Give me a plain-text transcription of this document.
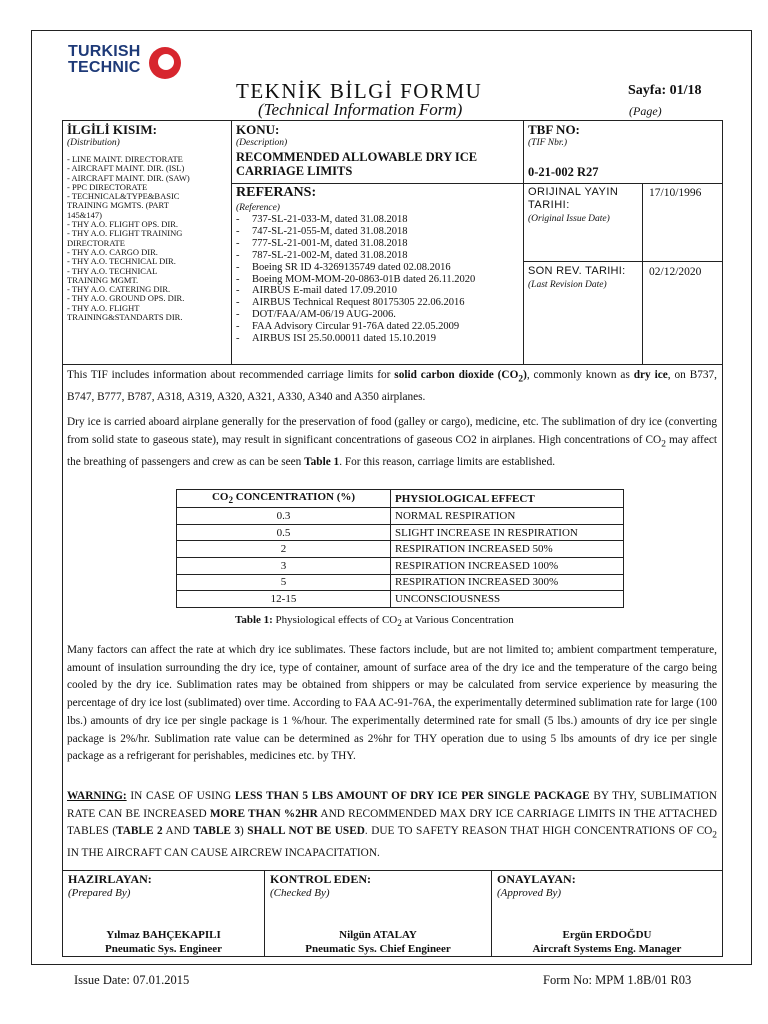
TURKISH
TECHNIC
TEKNİK BİLGİ FORMU
(Technical Information Form)
Sayfa: 01/18
(Page)
İLGİLİ KISIM:
(Distribution)
- LINE MAINT. DIRECTORATE
- AIRCRAFT MAINT. DIR. (ISL)
- AIRCRAFT MAINT. DIR. (SAW)
- PPC DIRECTORATE
- TECHNICAL&TYPE&BASIC
TRAINING MGMTS. (PART
145&147)
- THY A.O. FLIGHT OPS. DIR.
- THY A.O. FLIGHT TRAINING
DIRECTORATE
- THY A.O. CARGO DIR.
- THY A.O. TECHNICAL DIR.
- THY A.O. TECHNICAL
TRAINING MGMT.
- THY A.O. CATERING DIR.
- THY A.O. GROUND OPS. DIR.
- THY A.O. FLIGHT
TRAINING&STANDARTS DIR.
KONU:
(Description)
RECOMMENDED ALLOWABLE DRY ICE
CARRIAGE LIMITS
TBF NO:
(TIF Nbr.)
0-21-002 R27
REFERANS:
(Reference)
- 737-SL-21-033-M, dated 31.08.2018
- 747-SL-21-055-M, dated 31.08.2018
- 777-SL-21-001-M, dated 31.08.2018
- 787-SL-21-002-M, dated 31.08.2018
- Boeing SR ID 4-3269135749 dated 02.08.2016
- Boeing MOM-MOM-20-0863-01B dated 26.11.2020
- AIRBUS E-mail dated 17.09.2010
- AIRBUS Technical Request 80175305 22.06.2016
- DOT/FAA/AM-06/19 AUG-2006.
- FAA Advisory Circular 91-76A dated 22.05.2009
- AIRBUS ISI 25.50.00011 dated 15.10.2019
ORIJINAL YAYIN
TARIHI:
(Original Issue Date)
17/10/1996
SON REV. TARIHI:
(Last Revision Date)
02/12/2020
This TIF includes information about recommended carriage limits for solid carbon dioxide $(CO_2)$, commonly known as dry ice, on B737, B747, B777, B787, A318, A319, A320, A321, A330, A340 and A350 airplanes.
Dry ice is carried aboard airplane generally for the preservation of food (galley or cargo), medicine, etc. The sublimation of dry ice (converting from solid state to gaseous state), may result in significant concentrations of gaseous CO2 in airplanes. High concentrations of $CO_2$ may affect the breathing of passengers and crew as can be seen Table 1. For this reason, carriage limits are established.
$CO_2$ CONCENTRATION (%)	PHYSIOLOGICAL EFFECT
0.3	NORMAL RESPIRATION
0.5	SLIGHT INCREASE IN RESPIRATION
2	RESPIRATION INCREASED 50%
3	RESPIRATION INCREASED 100%
5	RESPIRATION INCREASED 300%
12-15	UNCONSCIOUSNESS
Table 1: Physiological effects of $CO_2$ at Various Concentration
Many factors can affect the rate at which dry ice sublimates. These factors include, but are not limited to; ambient compartment temperature, amount of insulation surrounding the dry ice, type of container, amount of surface area of the dry ice and the temperature of the cargo being cooled by the dry ice. Sublimation rates may be obtained from shippers or may be calculated from service experience by measuring the percentage of dry ice lost (sublimated) over time. According to FAA AC-91-76A, the experimentally determined sublimation rate for large (100 lbs.) amounts of dry ice per single package is 1 %/hour. The experimentally determined rate for small (5 lbs.) amounts of dry ice per single package is 2%/hr. Sublimation rate value can be determined as 2%hr for THY operation due to using 5 lbs amounts of dry ice per single package as a refrigerant for perishables, medicines etc. by THY.
WARNING: IN CASE OF USING LESS THAN 5 LBS AMOUNT OF DRY ICE PER SINGLE PACKAGE BY THY, SUBLIMATION RATE CAN BE INCREASED MORE THAN %2HR AND RECOMMENDED MAX DRY ICE CARRIAGE LIMITS IN THE ATTACHED TABLES (TABLE 2 AND TABLE 3) SHALL NOT BE USED. DUE TO SAFETY REASON THAT HIGH CONCENTRATIONS OF $CO_2$ IN THE AIRCRAFT CAN CAUSE AIRCREW INCAPACITATION.
HAZIRLAYAN:
(Prepared By)
Yılmaz BAHÇEKAPILI
Pneumatic Sys. Engineer
KONTROL EDEN:
(Checked By)
Nilgün ATALAY
Pneumatic Sys. Chief Engineer
ONAYLAYAN:
(Approved By)
Ergün ERDOĞDU
Aircraft Systems Eng. Manager
Issue Date: 07.01.2015	Form No: MPM 1.8B/01 R03
